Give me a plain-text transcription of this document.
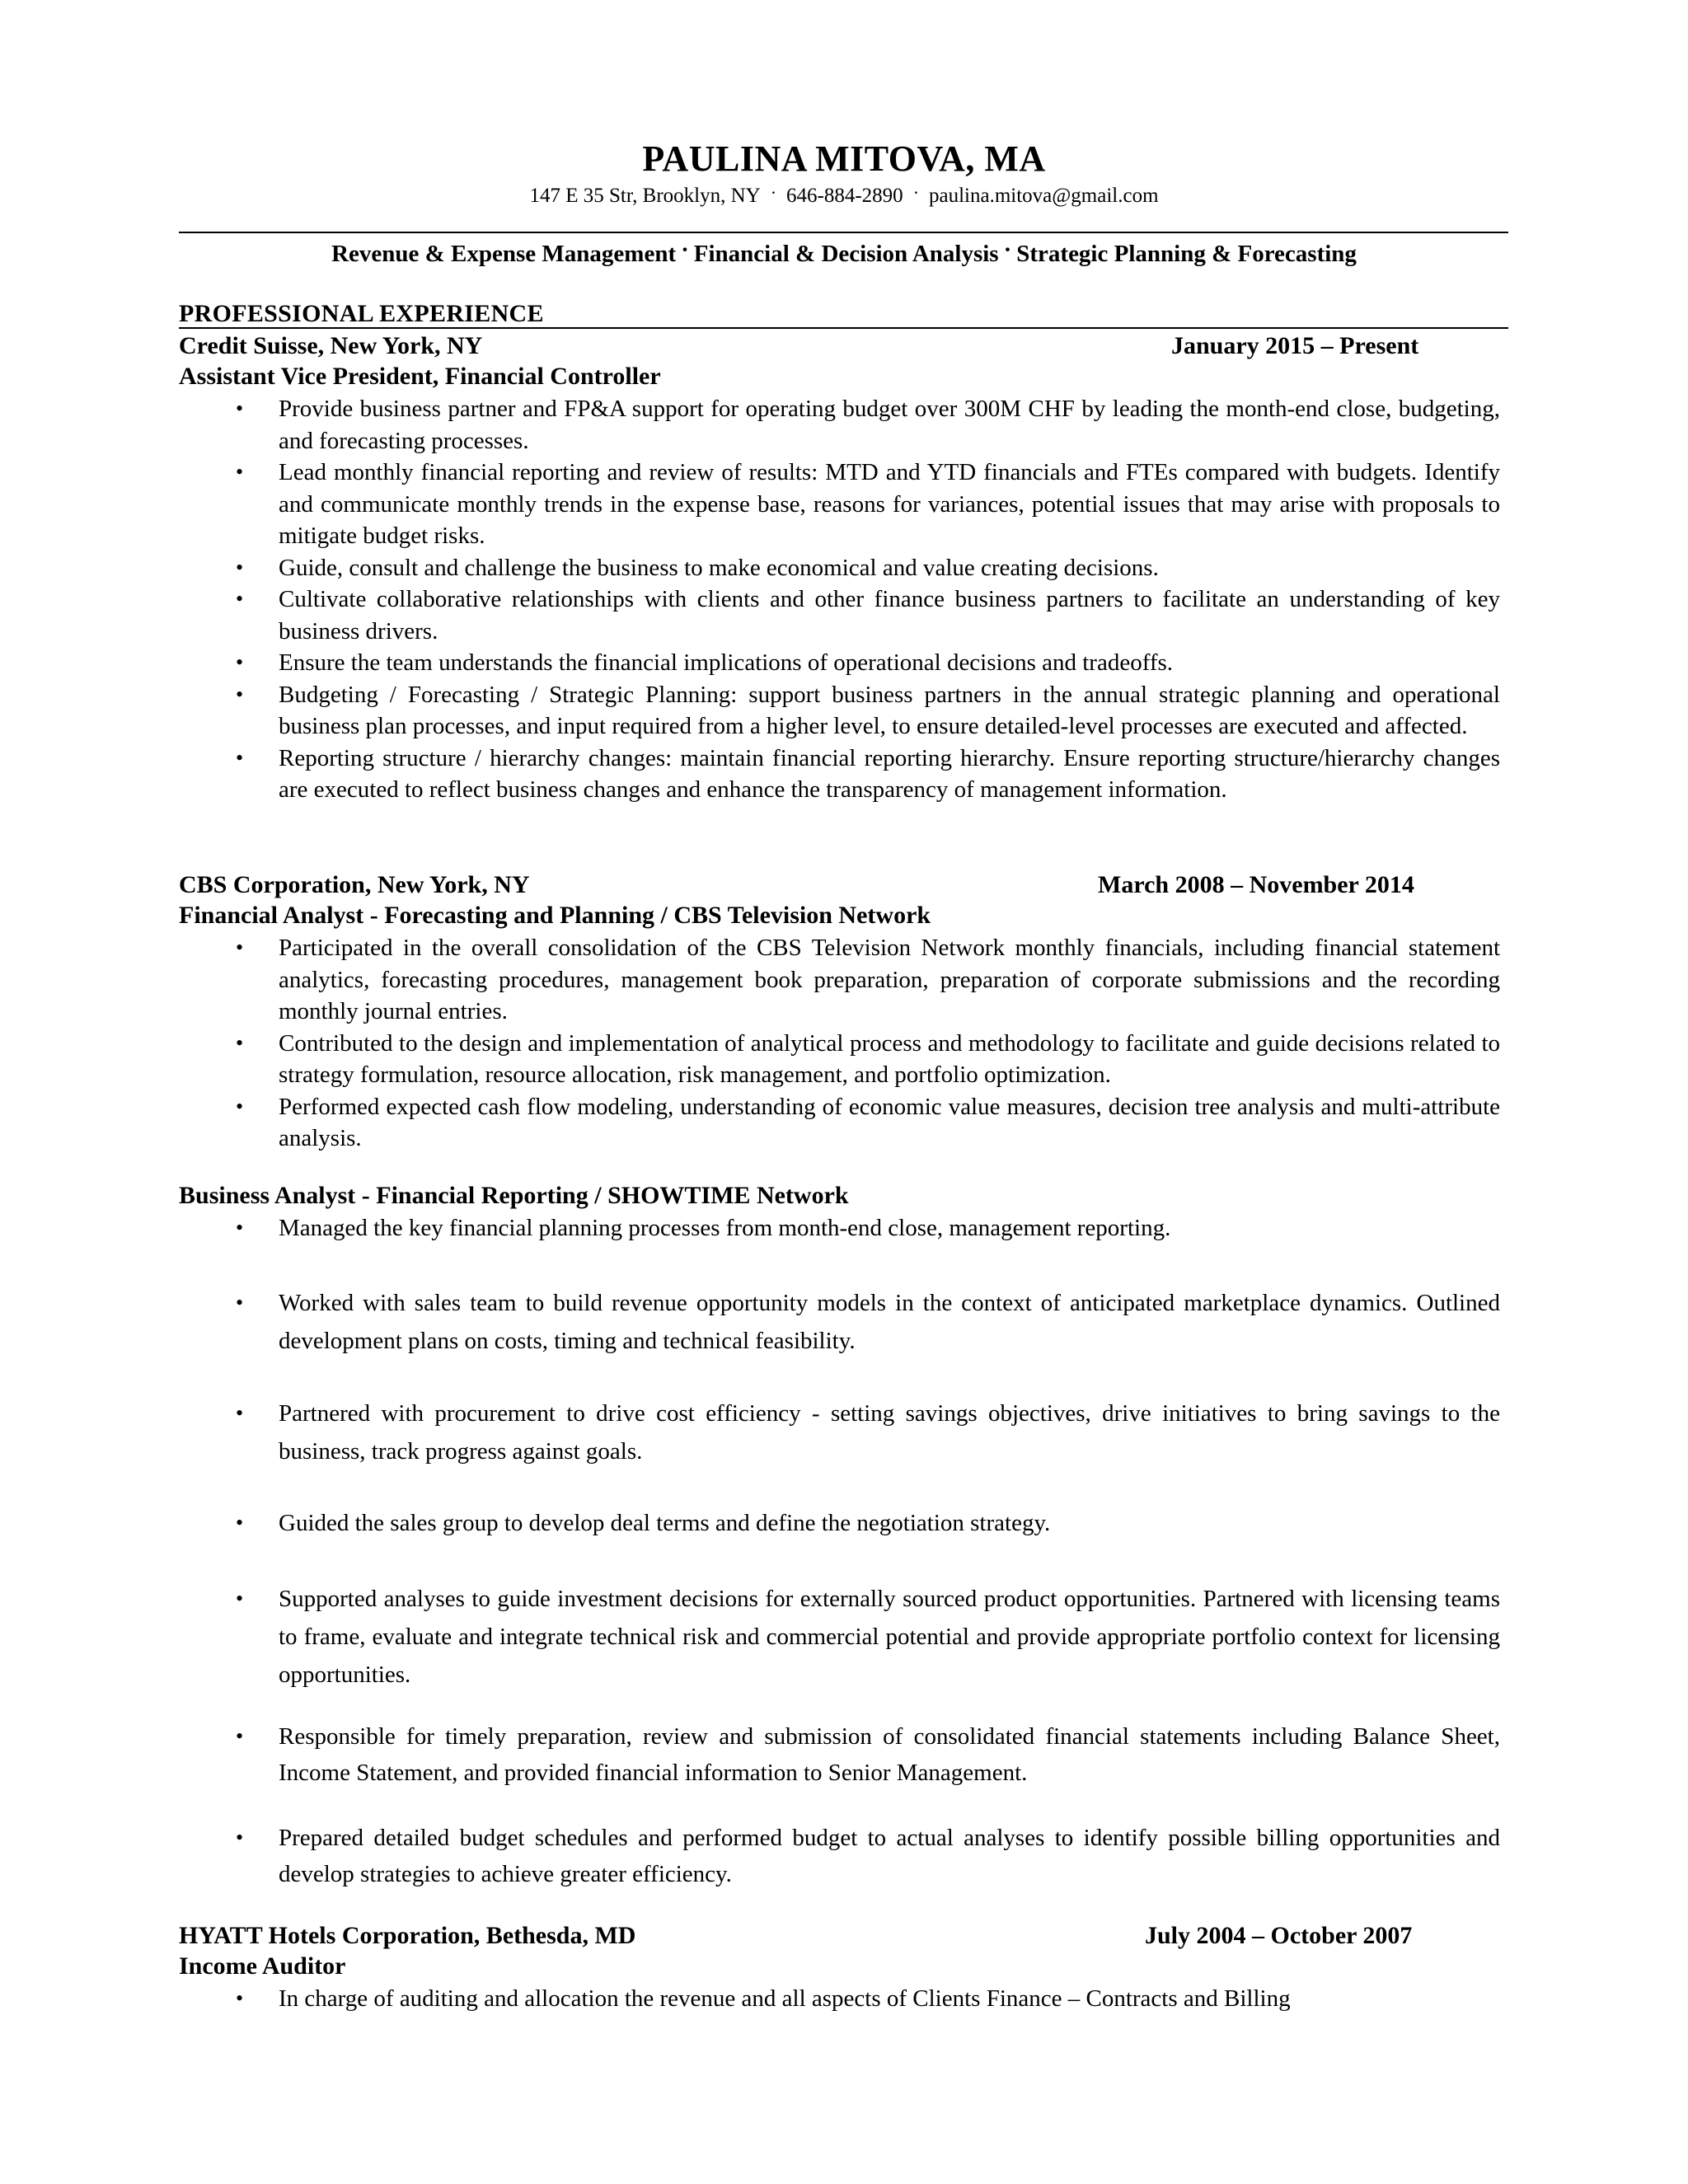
PAULINA MITOVA, MA
147 E 35 Str, Brooklyn, NY · 646-884-2890 · paulina.mitova@gmail.com
Revenue & Expense Management · Financial & Decision Analysis · Strategic Planning & Forecasting
PROFESSIONAL EXPERIENCE
Credit Suisse, New York, NY	January 2015 – Present
Assistant Vice President, Financial Controller
• Provide business partner and FP&A support for operating budget over 300M CHF by leading the month-end close, budgeting, and forecasting processes.
• Lead monthly financial reporting and review of results: MTD and YTD financials and FTEs compared with budgets. Identify and communicate monthly trends in the expense base, reasons for variances, potential issues that may arise with proposals to mitigate budget risks.
• Guide, consult and challenge the business to make economical and value creating decisions.
• Cultivate collaborative relationships with clients and other finance business partners to facilitate an understanding of key business drivers.
• Ensure the team understands the financial implications of operational decisions and tradeoffs.
• Budgeting / Forecasting / Strategic Planning: support business partners in the annual strategic planning and operational business plan processes, and input required from a higher level, to ensure detailed-level processes are executed and affected.
• Reporting structure / hierarchy changes: maintain financial reporting hierarchy. Ensure reporting structure/hierarchy changes are executed to reflect business changes and enhance the transparency of management information.
CBS Corporation, New York, NY	March 2008 – November 2014
Financial Analyst - Forecasting and Planning / CBS Television Network
• Participated in the overall consolidation of the CBS Television Network monthly financials, including financial statement analytics, forecasting procedures, management book preparation, preparation of corporate submissions and the recording monthly journal entries.
• Contributed to the design and implementation of analytical process and methodology to facilitate and guide decisions related to strategy formulation, resource allocation, risk management, and portfolio optimization.
• Performed expected cash flow modeling, understanding of economic value measures, decision tree analysis and multi-attribute analysis.
Business Analyst - Financial Reporting / SHOWTIME Network
• Managed the key financial planning processes from month-end close, management reporting.
• Worked with sales team to build revenue opportunity models in the context of anticipated marketplace dynamics. Outlined development plans on costs, timing and technical feasibility.
• Partnered with procurement to drive cost efficiency - setting savings objectives, drive initiatives to bring savings to the business, track progress against goals.
• Guided the sales group to develop deal terms and define the negotiation strategy.
• Supported analyses to guide investment decisions for externally sourced product opportunities. Partnered with licensing teams to frame, evaluate and integrate technical risk and commercial potential and provide appropriate portfolio context for licensing opportunities.
• Responsible for timely preparation, review and submission of consolidated financial statements including Balance Sheet, Income Statement, and provided financial information to Senior Management.
• Prepared detailed budget schedules and performed budget to actual analyses to identify possible billing opportunities and develop strategies to achieve greater efficiency.
HYATT Hotels Corporation, Bethesda, MD	July 2004 – October 2007
Income Auditor
• In charge of auditing and allocation the revenue and all aspects of Clients Finance – Contracts and Billing
